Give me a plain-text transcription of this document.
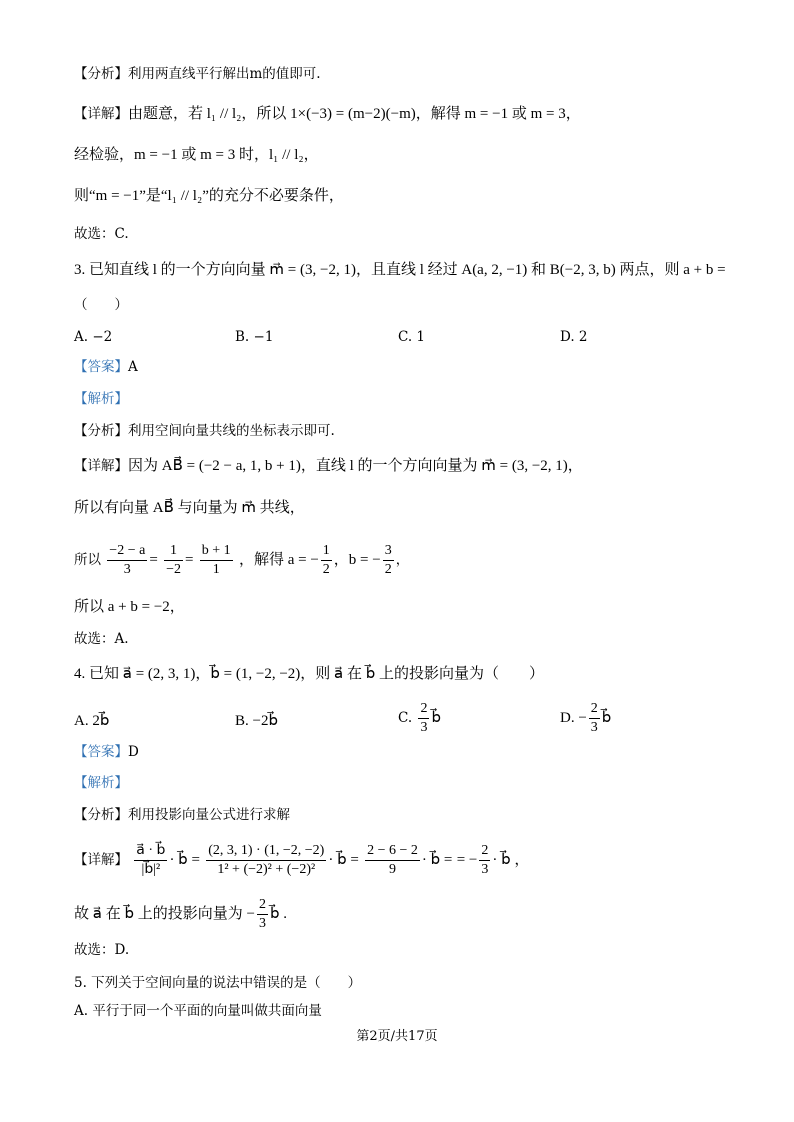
【分析】利用两直线平行解出m的值即可.
【详解】由题意，若 l₁ // l₂，所以 1×(−3) = (m−2)(−m)，解得 m = −1 或 m = 3，
经检验，m = −1 或 m = 3 时，l₁ // l₂，
则“m = −1”是“l₁ // l₂”的充分不必要条件，
故选：C.
3. 已知直线 l 的一个方向向量 m⃗ = (3, −2, 1)，且直线 l 经过 A(a, 2, −1) 和 B(−2, 3, b) 两点，则 a + b =
（　　）
A. −2	B. −1	C. 1	D. 2
【答案】A
【解析】
【分析】利用空间向量共线的坐标表示即可.
【详解】因为 AB⃗ = (−2 − a, 1, b + 1)，直线 l 的一个方向向量为 m⃗ = (3, −2, 1)，
所以有向量 AB⃗ 与向量为 m⃗ 共线，
所以 $\frac{-2 - a}{3} = \frac{1}{-2} = \frac{b + 1}{1}$ ，解得 a = − $\frac{1}{2}$ ，b = − $\frac{3}{2}$ ，
所以 a + b = −2，
故选：A.
4. 已知 a⃗ = (2, 3, 1)，b⃗ = (1, −2, −2)，则 a⃗ 在 b⃗ 上的投影向量为（　　）
A. 2b⃗	B. −2b⃗	C. $\frac{2}{3}$ b⃗	D. − $\frac{2}{3}$ b⃗
【答案】D
【解析】
【分析】利用投影向量公式进行求解
【详解】 $\frac{a⃗ \cdot b⃗}{\text{|b⃗|²}}$ · b⃗ = $\frac{(2, 3, 1) \cdot (1, -2, -2)}{\text{1² + (−2)² + (−2)²}}$ · b⃗ = $\frac{2 - 6 - 2}{9}$ · b⃗ = = − $\frac{2}{3}$ · b⃗ ，
故 a⃗ 在 b⃗ 上的投影向量为 − $\frac{2}{3}$ b⃗ .
故选：D.
5. 下列关于空间向量的说法中错误的是（　　）
A. 平行于同一个平面的向量叫做共面向量
第2页/共17页
